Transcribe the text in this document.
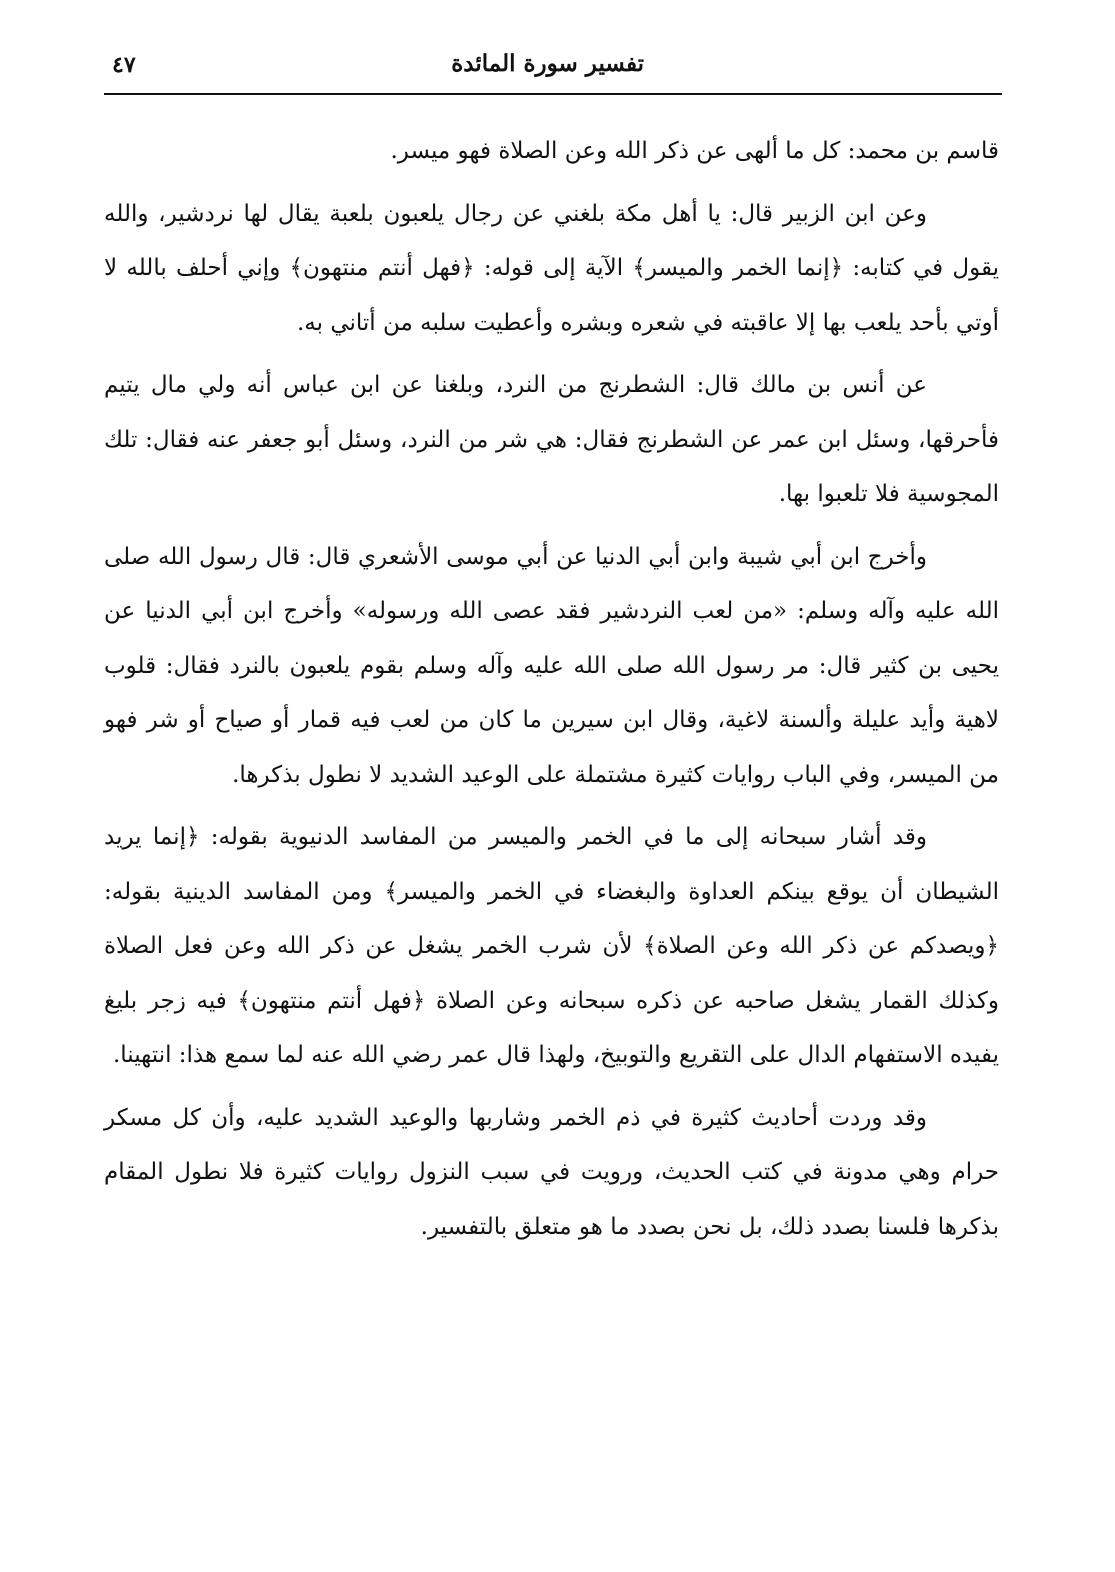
تفسير سورة المائدة
٤٧

قاسم بن محمد: كل ما ألهى عن ذكر الله وعن الصلاة فهو ميسر.

وعن ابن الزبير قال: يا أهل مكة بلغني عن رجال يلعبون بلعبة يقال لها نردشير، والله يقول في كتابه: ﴿إنما الخمر والميسر﴾ الآية إلى قوله: ﴿فهل أنتم منتهون﴾ وإني أحلف بالله لا أوتي بأحد يلعب بها إلا عاقبته في شعره وبشره وأعطيت سلبه من أتاني به.

عن أنس بن مالك قال: الشطرنج من النرد، وبلغنا عن ابن عباس أنه ولي مال يتيم فأحرقها، وسئل ابن عمر عن الشطرنج فقال: هي شر من النرد، وسئل أبو جعفر عنه فقال: تلك المجوسية فلا تلعبوا بها.

وأخرج ابن أبي شيبة وابن أبي الدنيا عن أبي موسى الأشعري قال: قال رسول الله صلى الله عليه وآله وسلم: «من لعب النردشير فقد عصى الله ورسوله» وأخرج ابن أبي الدنيا عن يحيى بن كثير قال: مر رسول الله صلى الله عليه وآله وسلم بقوم يلعبون بالنرد فقال: قلوب لاهية وأيد عليلة وألسنة لاغية، وقال ابن سيرين ما كان من لعب فيه قمار أو صياح أو شر فهو من الميسر، وفي الباب روايات كثيرة مشتملة على الوعيد الشديد لا نطول بذكرها.

وقد أشار سبحانه إلى ما في الخمر والميسر من المفاسد الدنيوية بقوله: ﴿إنما يريد الشيطان أن يوقع بينكم العداوة والبغضاء في الخمر والميسر﴾ ومن المفاسد الدينية بقوله: ﴿ويصدكم عن ذكر الله وعن الصلاة﴾ لأن شرب الخمر يشغل عن ذكر الله وعن فعل الصلاة وكذلك القمار يشغل صاحبه عن ذكره سبحانه وعن الصلاة ﴿فهل أنتم منتهون﴾ فيه زجر بليغ يفيده الاستفهام الدال على التقريع والتوبيخ، ولهذا قال عمر رضي الله عنه لما سمع هذا: انتهينا.

وقد وردت أحاديث كثيرة في ذم الخمر وشاربها والوعيد الشديد عليه، وأن كل مسكر حرام وهي مدونة في كتب الحديث، ورويت في سبب النزول روايات كثيرة فلا نطول المقام بذكرها فلسنا بصدد ذلك، بل نحن بصدد ما هو متعلق بالتفسير.
